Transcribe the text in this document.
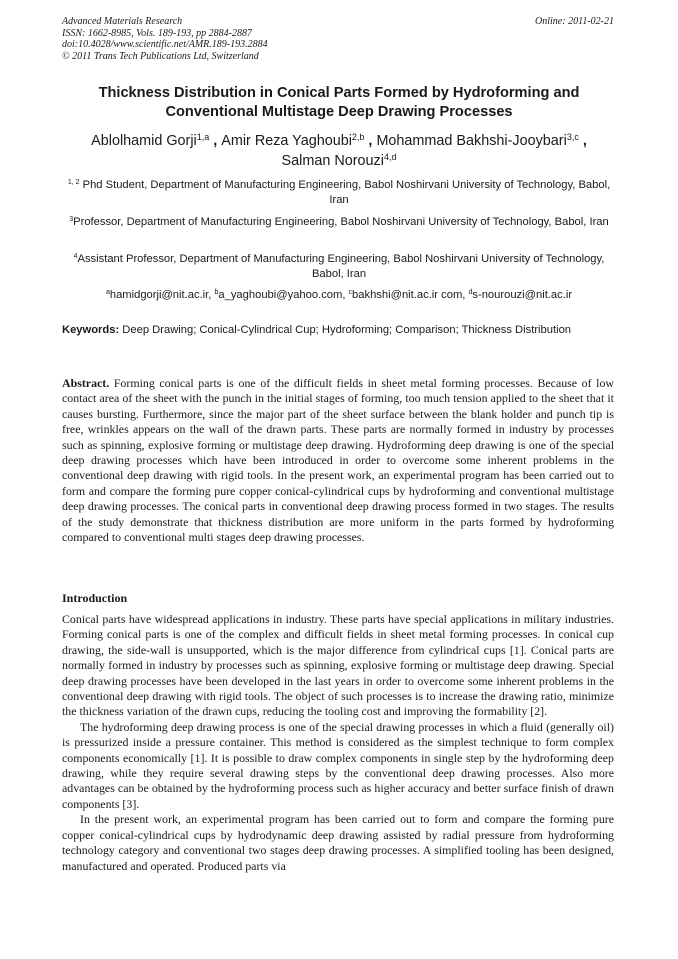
Advanced Materials Research
ISSN: 1662-8985, Vols. 189-193, pp 2884-2887
doi:10.4028/www.scientific.net/AMR.189-193.2884
© 2011 Trans Tech Publications Ltd, Switzerland
Online: 2011-02-21
Thickness Distribution in Conical Parts Formed by Hydroforming and Conventional Multistage Deep Drawing Processes
Ablolhamid Gorji$^{1,a}$ , Amir Reza Yaghoubi$^{2,b}$ , Mohammad Bakhshi-Jooybari$^{3,c}$ ,
Salman Norouzi$^{4,d}$
$^{1, 2}$ Phd Student, Department of Manufacturing Engineering, Babol Noshirvani University of Technology, Babol, Iran
$^3$Professor, Department of Manufacturing Engineering, Babol Noshirvani University of Technology, Babol, Iran
$^4$Assistant Professor, Department of Manufacturing Engineering, Babol Noshirvani University of Technology, Babol, Iran
$^a$hamidgorji@nit.ac.ir, $^b$a_yaghoubi@yahoo.com, $^c$bakhshi@nit.ac.ir com, $^d$s-nourouzi@nit.ac.ir
Keywords: Deep Drawing; Conical-Cylindrical Cup; Hydroforming; Comparison; Thickness Distribution
Abstract. Forming conical parts is one of the difficult fields in sheet metal forming processes. Because of low contact area of the sheet with the punch in the initial stages of forming, too much tension applied to the sheet that it causes bursting. Furthermore, since the major part of the sheet surface between the blank holder and punch tip is free, wrinkles appears on the wall of the drawn parts. These parts are normally formed in industry by processes such as spinning, explosive forming or multistage deep drawing. Hydroforming deep drawing is one of the special deep drawing processes which have been introduced in order to overcome some inherent problems in the conventional deep drawing with rigid tools. In the present work, an experimental program has been carried out to form and compare the forming pure copper conical-cylindrical cups by hydroforming and conventional multistage deep drawing processes. The conical parts in conventional deep drawing process formed in two stages. The results of the study demonstrate that thickness distribution are more uniform in the parts formed by hydroforming compared to conventional multi stages deep drawing processes.
Introduction

Conical parts have widespread applications in industry. These parts have special applications in military industries. Forming conical parts is one of the complex and difficult fields in sheet metal forming processes. In conical cup drawing, the side-wall is unsupported, which is the major difference from cylindrical cups [1]. Conical parts are normally formed in industry by processes such as spinning, explosive forming or multistage deep drawing. Special deep drawing processes have been developed in the last years in order to overcome some inherent problems in the conventional deep drawing with rigid tools. The object of such processes is to increase the drawing ratio, minimize the thickness variation of the drawn cups, reducing the tooling cost and improving the formability [2].

The hydroforming deep drawing process is one of the special drawing processes in which a fluid (generally oil) is pressurized inside a pressure container. This method is considered as the simplest technique to form complex components economically [1]. It is possible to draw complex components in single step by the hydroforming deep drawing, while they require several drawing steps by the conventional deep drawing processes. Also more advantages can be obtained by the hydroforming process such as higher accuracy and better surface finish of drawn components [3].

In the present work, an experimental program has been carried out to form and compare the forming pure copper conical-cylindrical cups by hydrodynamic deep drawing assisted by radial pressure from hydroforming technology category and conventional two stages deep drawing processes. A simplified tooling has been designed, manufactured and operated. Produced parts via
